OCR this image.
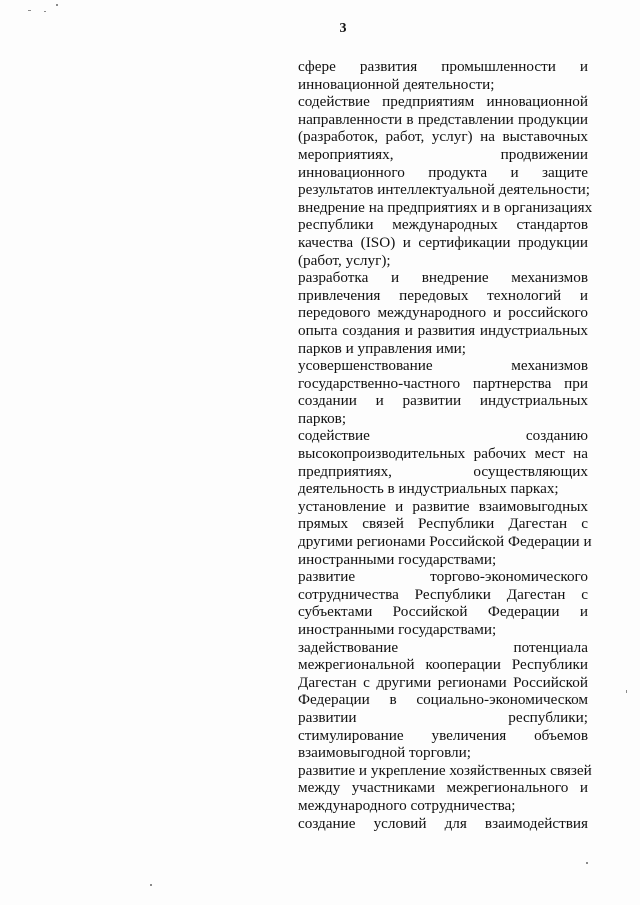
3
сфере развития промышленности и
инновационной деятельности;
содействие предприятиям инновационной
направленности в представлении продукции
(разработок, работ, услуг) на выставочных
мероприятиях, продвижении
инновационного продукта и защите
результатов интеллектуальной деятельности;
внедрение на предприятиях и в организациях
республики международных стандартов
качества (ISO) и сертификации продукции
(работ, услуг);
разработка и внедрение механизмов
привлечения передовых технологий и
передового международного и российского
опыта создания и развития индустриальных
парков и управления ими;
усовершенствование механизмов
государственно-частного партнерства при
создании и развитии индустриальных
парков;
содействие созданию
высокопроизводительных рабочих мест на
предприятиях, осуществляющих
деятельность в индустриальных парках;
установление и развитие взаимовыгодных
прямых связей Республики Дагестан с
другими регионами Российской Федерации и
иностранными государствами;
развитие торгово-экономического
сотрудничества Республики Дагестан с
субъектами Российской Федерации и
иностранными государствами;
задействование потенциала
межрегиональной кооперации Республики
Дагестан с другими регионами Российской
Федерации в социально-экономическом
развитии республики;
стимулирование увеличения объемов
взаимовыгодной торговли;
развитие и укрепление хозяйственных связей
между участниками межрегионального и
международного сотрудничества;
создание условий для взаимодействия
